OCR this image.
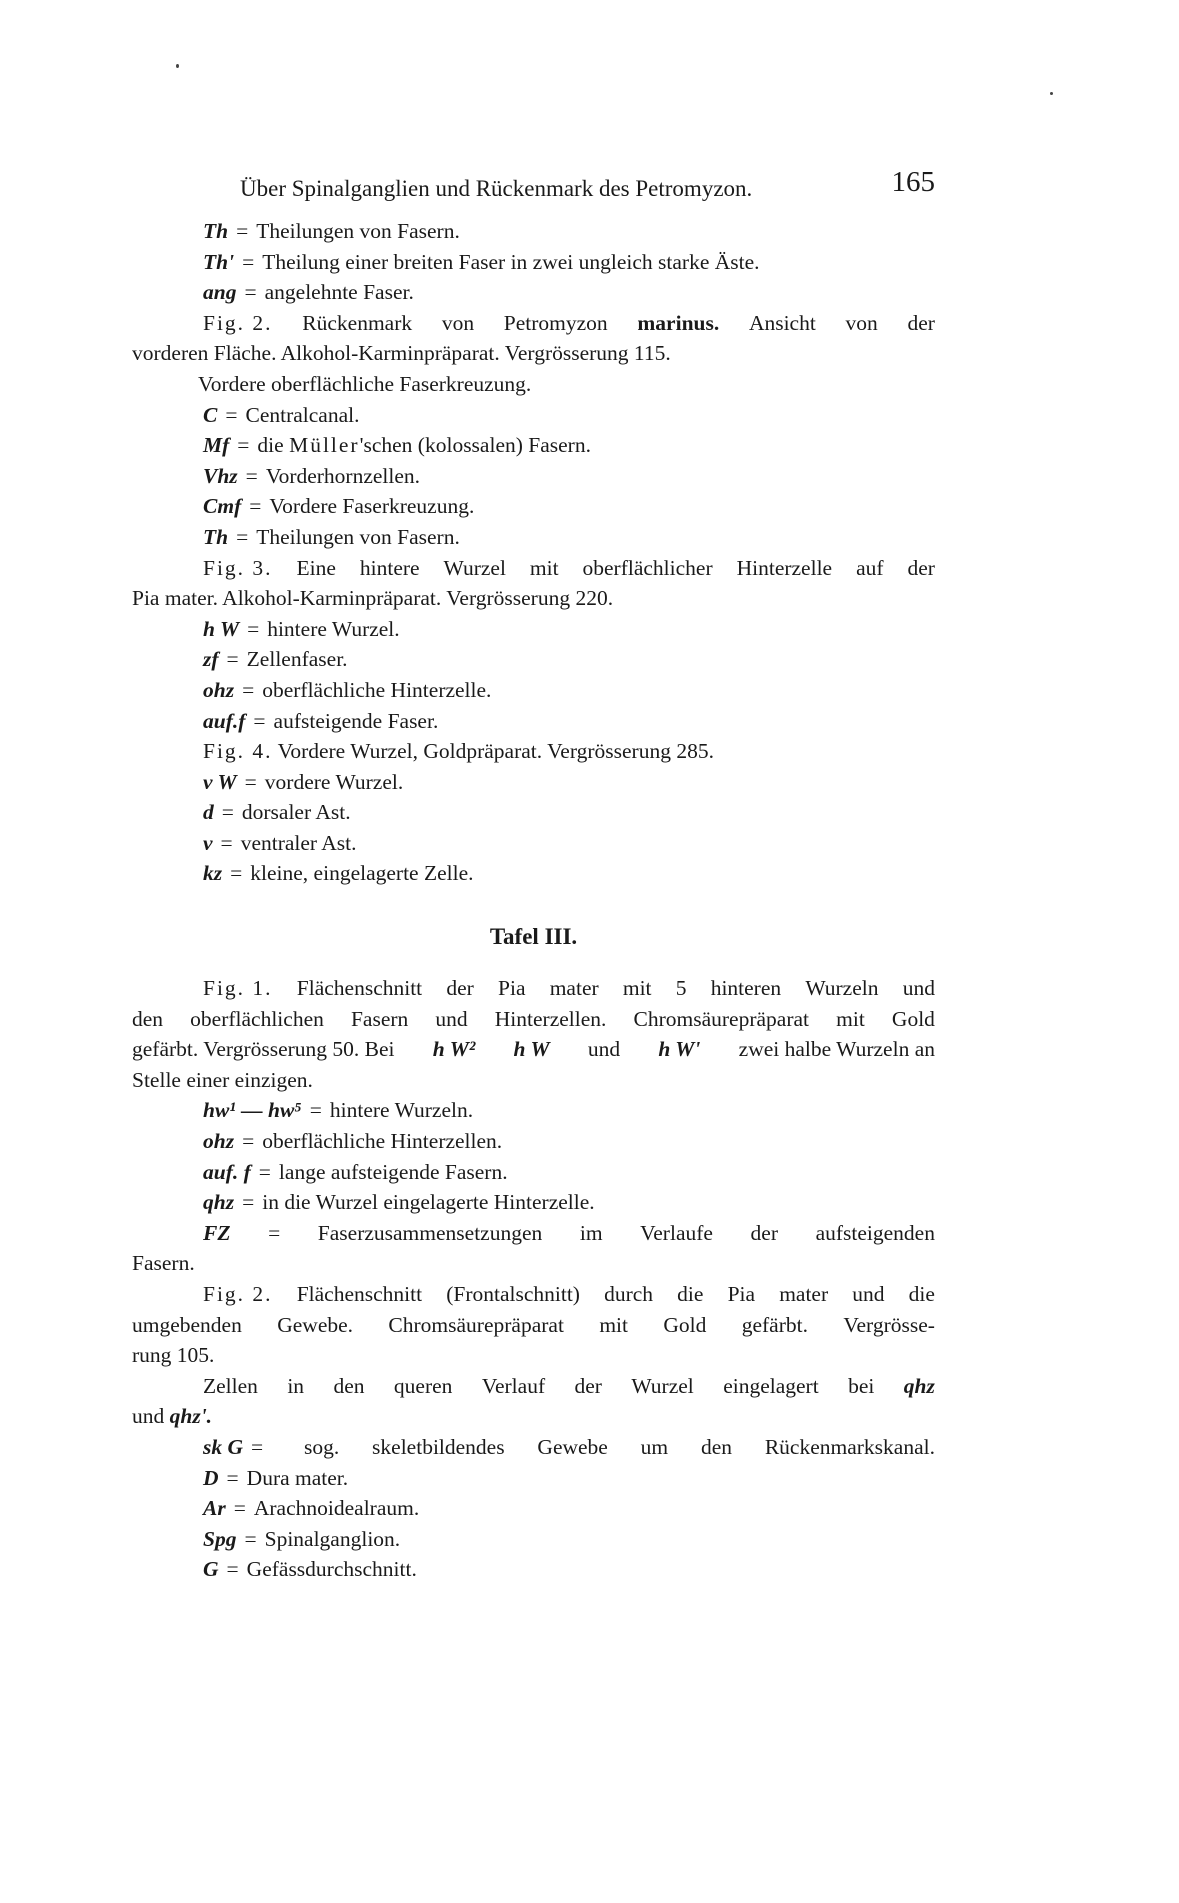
Über Spinalganglien und Rückenmark des Petromyzon.	165
Th = Theilungen von Fasern.
Th' = Theilung einer breiten Faser in zwei ungleich starke Äste.
ang = angelehnte Faser.
Fig. 2. Rückenmark von Petromyzon marinus. Ansicht von der
vorderen Fläche. Alkohol-Karminpräparat. Vergrösserung 115.
Vordere oberflächliche Faserkreuzung.
C = Centralcanal.
Mf = die Müller'schen (kolossalen) Fasern.
Vhz = Vorderhornzellen.
Cmf = Vordere Faserkreuzung.
Th = Theilungen von Fasern.
Fig. 3. Eine hintere Wurzel mit oberflächlicher Hinterzelle auf der
Pia mater. Alkohol-Karminpräparat. Vergrösserung 220.
h W = hintere Wurzel.
zf = Zellenfaser.
ohz = oberflächliche Hinterzelle.
auf.f = aufsteigende Faser.
Fig. 4. Vordere Wurzel, Goldpräparat. Vergrösserung 285.
v W = vordere Wurzel.
d = dorsaler Ast.
v = ventraler Ast.
kz = kleine, eingelagerte Zelle.
Tafel III.
Fig. 1. Flächenschnitt der Pia mater mit 5 hinteren Wurzeln und
den oberflächlichen Fasern und Hinterzellen. Chromsäurepräparat mit Gold
gefärbt. Vergrösserung 50. Bei h W² h W und h W' zwei halbe Wurzeln an
Stelle einer einzigen.
hw¹ — hw⁵ = hintere Wurzeln.
ohz = oberflächliche Hinterzellen.
auf. f = lange aufsteigende Fasern.
qhz = in die Wurzel eingelagerte Hinterzelle.
FZ = Faserzusammensetzungen im Verlaufe der aufsteigenden
Fasern.
Fig. 2. Flächenschnitt (Frontalschnitt) durch die Pia mater und die
umgebenden Gewebe. Chromsäurepräparat mit Gold gefärbt. Vergrösse-
rung 105.
Zellen in den queren Verlauf der Wurzel eingelagert bei qhz
und qhz'.
sk G =	sog. skeletbildendes Gewebe um den Rückenmarkskanal.
D = Dura mater.
Ar = Arachnoidealraum.
Spg = Spinalganglion.
G = Gefässdurchschnitt.
